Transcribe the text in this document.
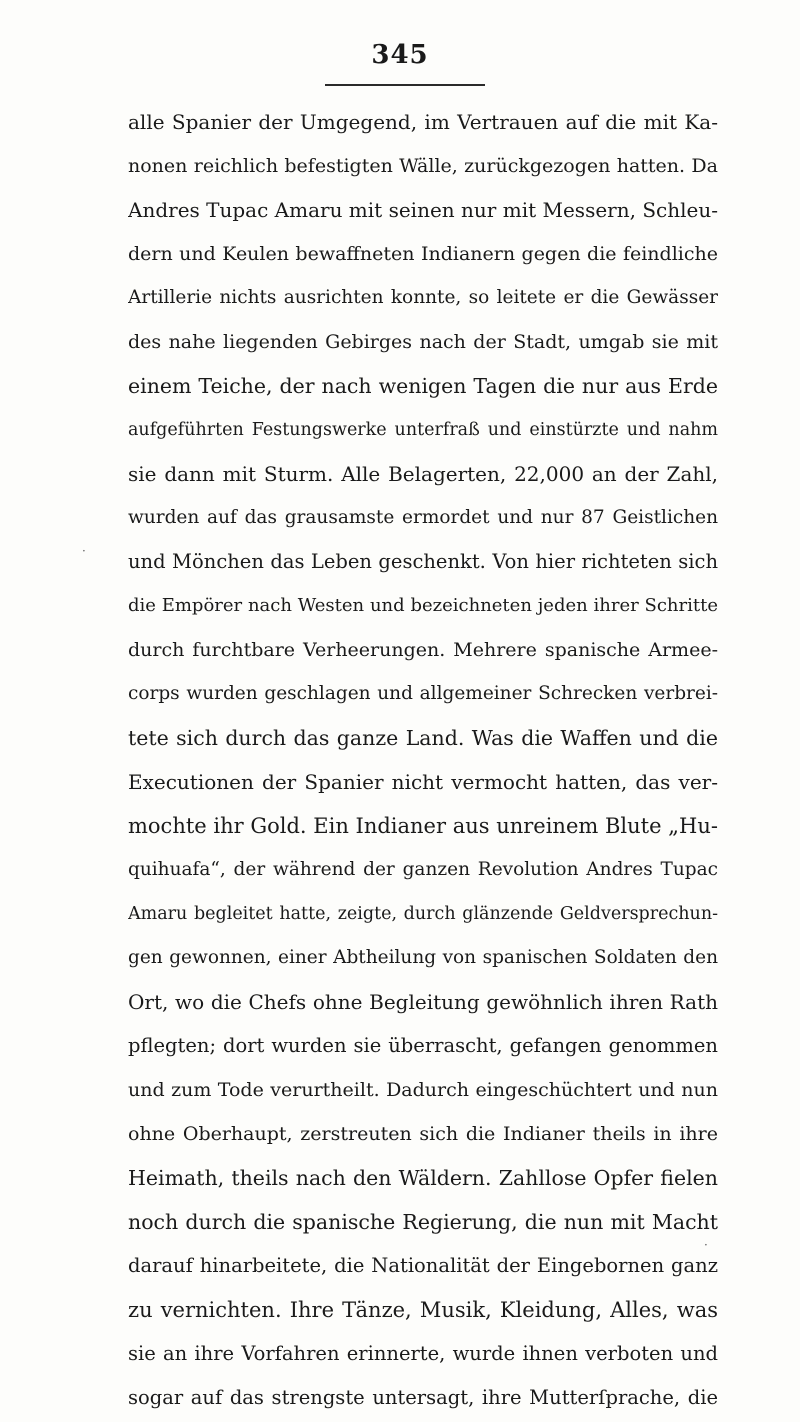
345
·
·
alle Spanier der Umgegend, im Vertrauen auf die mit Ka-
nonen reichlich befestigten Wälle, zurückgezogen hatten. Da
Andres Tupac Amaru mit seinen nur mit Messern, Schleu-
dern und Keulen bewaffneten Indianern gegen die feindliche
Artillerie nichts ausrichten konnte, so leitete er die Gewässer
des nahe liegenden Gebirges nach der Stadt, umgab sie mit
einem Teiche, der nach wenigen Tagen die nur aus Erde
aufgeführten Festungswerke unterfraß und einstürzte und nahm
sie dann mit Sturm. Alle Belagerten, 22,000 an der Zahl,
wurden auf das grausamste ermordet und nur 87 Geistlichen
und Mönchen das Leben geschenkt. Von hier richteten sich
die Empörer nach Westen und bezeichneten jeden ihrer Schritte
durch furchtbare Verheerungen. Mehrere spanische Armee-
corps wurden geschlagen und allgemeiner Schrecken verbrei-
tete sich durch das ganze Land. Was die Waffen und die
Executionen der Spanier nicht vermocht hatten, das ver-
mochte ihr Gold. Ein Indianer aus unreinem Blute „Hu-
quihuafa“, der während der ganzen Revolution Andres Tupac
Amaru begleitet hatte, zeigte, durch glänzende Geldversprechun-
gen gewonnen, einer Abtheilung von spanischen Soldaten den
Ort, wo die Chefs ohne Begleitung gewöhnlich ihren Rath
pflegten; dort wurden sie überrascht, gefangen genommen
und zum Tode verurtheilt. Dadurch eingeschüchtert und nun
ohne Oberhaupt, zerstreuten sich die Indianer theils in ihre
Heimath, theils nach den Wäldern. Zahllose Opfer fielen
noch durch die spanische Regierung, die nun mit Macht
darauf hinarbeitete, die Nationalität der Eingebornen ganz
zu vernichten. Ihre Tänze, Musik, Kleidung, Alles, was
sie an ihre Vorfahren erinnerte, wurde ihnen verboten und
sogar auf das strengste untersagt, ihre Mutterſprache, die
